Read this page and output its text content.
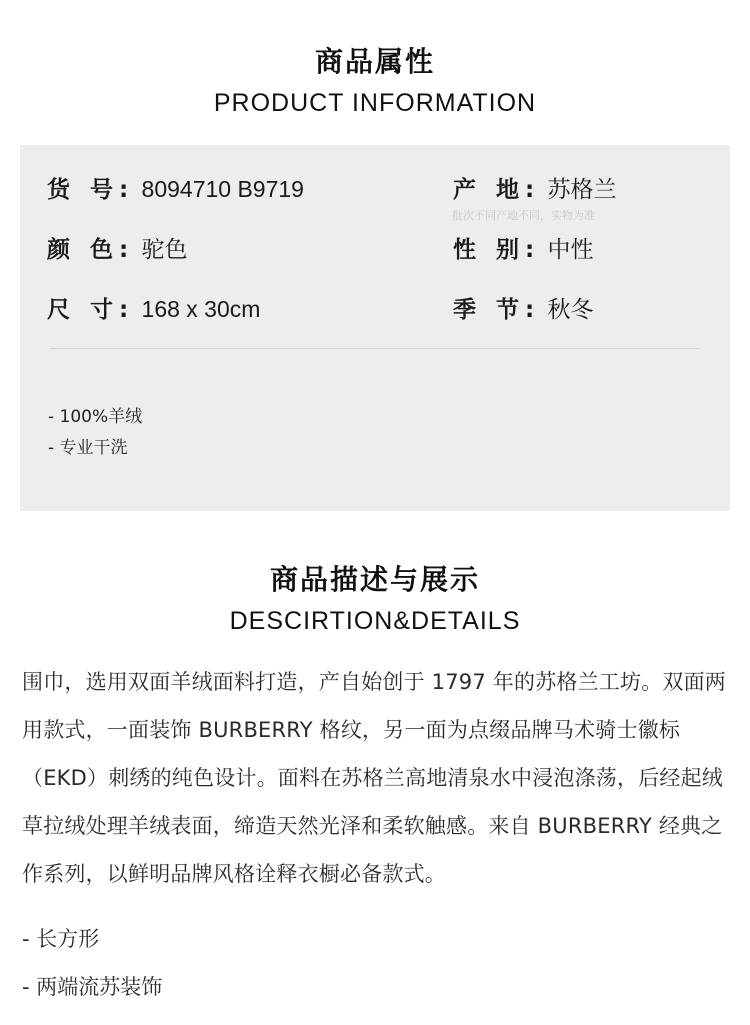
商品属性
PRODUCT INFORMATION
货 号: 8094710 B9719	产 地: 苏格兰
批次不同产地不同，实物为准
颜 色: 驼色	性 别: 中性
尺 寸: 168 x 30cm	季 节: 秋冬
- 100%羊绒
- 专业干洗
商品描述与展示
DESCIRTION&DETAILS

围巾，选用双面羊绒面料打造，产自始创于 1797 年的苏格兰工坊。双面两用款式，一面装饰 BURBERRY 格纹，另一面为点缀品牌马术骑士徽标（EKD）刺绣的纯色设计。面料在苏格兰高地清泉水中浸泡涤荡，后经起绒草拉绒处理羊绒表面，缔造天然光泽和柔软触感。来自 BURBERRY 经典之作系列，以鲜明品牌风格诠释衣橱必备款式。

- 长方形
- 两端流苏装饰
